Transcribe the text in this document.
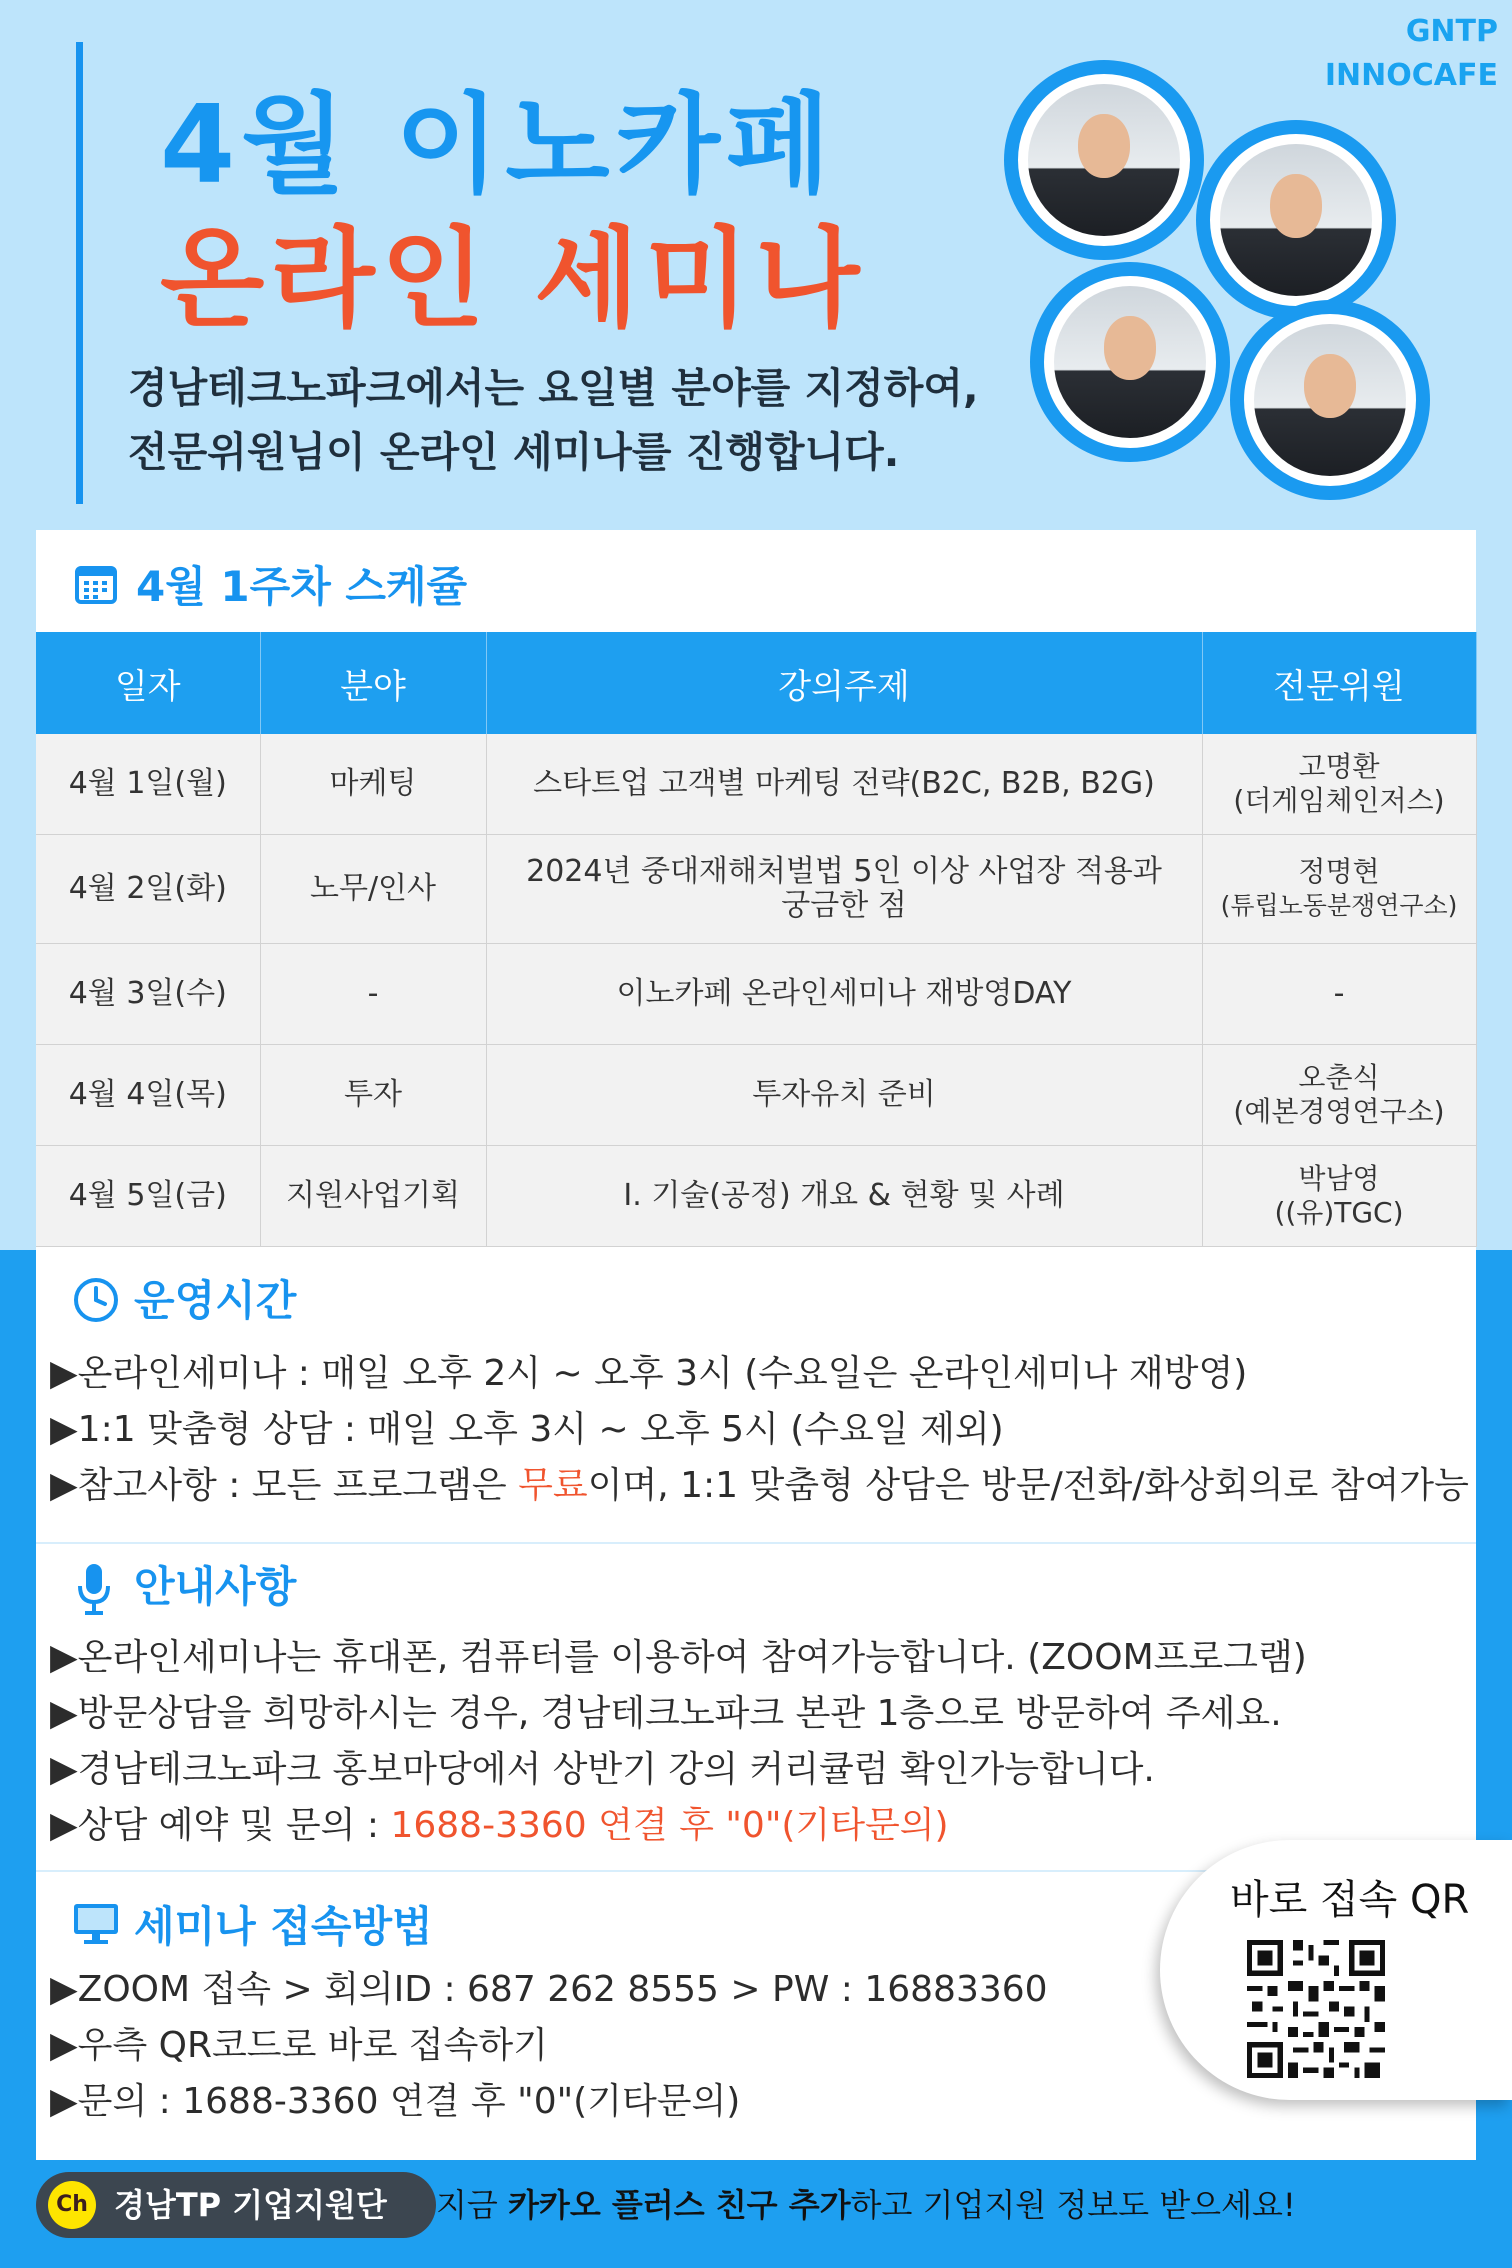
GNTP
INNOCAFE
4월 이노카페
온라인 세미나
경남테크노파크에서는 요일별 분야를 지정하여,
전문위원님이 온라인 세미나를 진행합니다.
4월 1주차 스케쥴
일자	분야	강의주제	전문위원
4월 1일(월)	마케팅	스타트업 고객별 마케팅 전략(B2C, B2B, B2G)	고명환
(더게임체인저스)

4월 2일(화)	노무/인사	2024년 중대재해처벌법 5인 이상 사업장 적용과
궁금한 점	정명현
(튜립노동분쟁연구소)

4월 3일(수)	-	이노카페 온라인세미나 재방영DAY	-
4월 4일(목)	투자	투자유치 준비	오춘식
(예본경영연구소)

4월 5일(금)	지원사업기획	Ⅰ. 기술(공정) 개요 & 현황 및 사례	박남영
((유)TGC)
운영시간
▶온라인세미나 : 매일 오후 2시 ~ 오후 3시 (수요일은 온라인세미나 재방영)
▶1:1 맞춤형 상담 : 매일 오후 3시 ~ 오후 5시 (수요일 제외)
▶참고사항 : 모든 프로그램은 무료이며, 1:1 맞춤형 상담은 방문/전화/화상회의로 참여가능
안내사항
▶온라인세미나는 휴대폰, 컴퓨터를 이용하여 참여가능합니다. (ZOOM프로그램)
▶방문상담을 희망하시는 경우, 경남테크노파크 본관 1층으로 방문하여 주세요.
▶경남테크노파크 홍보마당에서 상반기 강의 커리큘럼 확인가능합니다.
▶상담 예약 및 문의 : 1688-3360 연결 후 "0"(기타문의)
세미나 접속방법
▶ZOOM 접속 > 회의ID : 687 262 8555 > PW : 16883360
▶우측 QR코드로 바로 접속하기
▶문의 : 1688-3360 연결 후 "0"(기타문의)
바로 접속 QR
Ch 경남TP 기업지원단 지금 카카오 플러스 친구 추가하고 기업지원 정보도 받으세요!
